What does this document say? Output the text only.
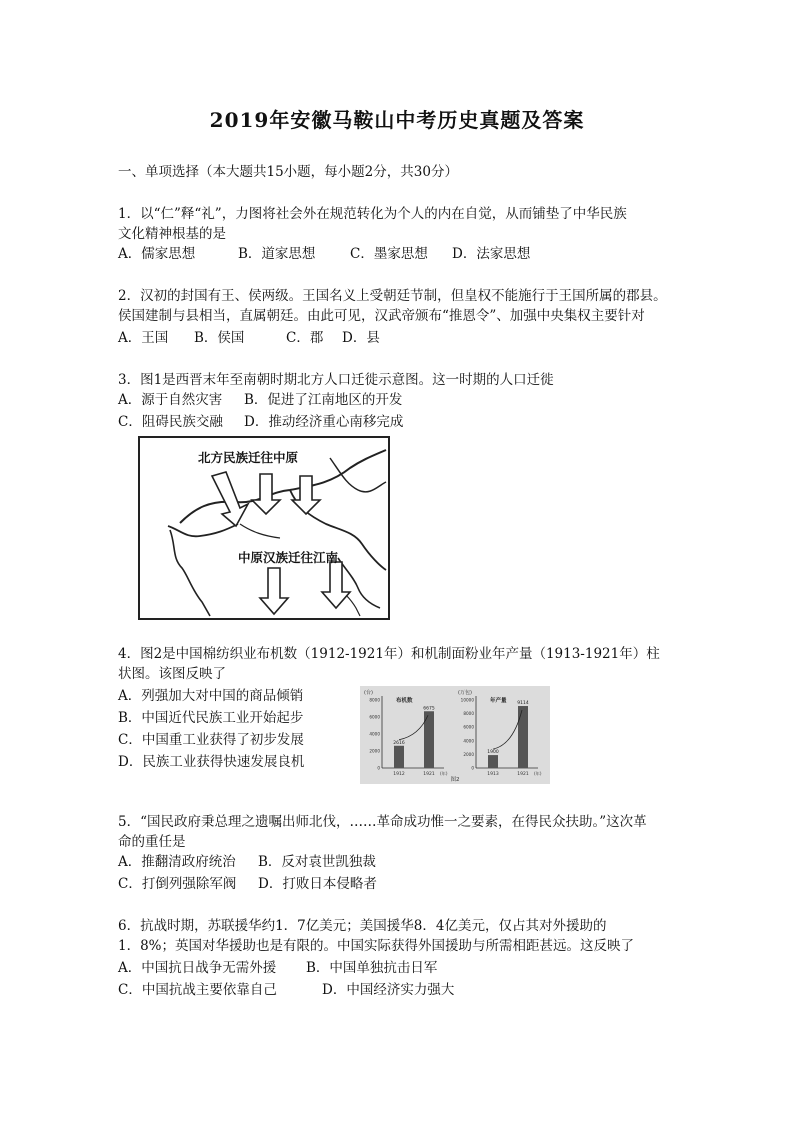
2019年安徽马鞍山中考历史真题及答案
一、单项选择（本大题共15小题，每小题2分，共30分）
1．以“仁”释“礼”，力图将社会外在规范转化为个人的内在自觉，从而铺垫了中华民族
文化精神根基的是
A．儒家思想	B．道家思想	C．墨家思想 D．法家思想
2．汉初的封国有王、侯两级。王国名义上受朝廷节制，但皇权不能施行于王国所属的郡县。
侯国建制与县相当，直属朝廷。由此可见，汉武帝颁布“推恩令”、加强中央集权主要针对
A．王国 B．侯国	C．郡 D．县
3．图1是西晋末年至南朝时期北方人口迁徙示意图。这一时期的人口迁徙
A．源于自然灾害 B．促进了江南地区的开发
C．阻碍民族交融 D．推动经济重心南移完成
北方民族迁往中原
中原汉族迁往江南
4．图2是中国棉纺织业布机数（1912-1921年）和机制面粉业年产量（1913-1921年）柱
状图。该图反映了
A．列强加大对中国的商品倾销
B．中国近代民族工业开始起步
C．中国重工业获得了初步发展
D．民族工业获得快速发展良机
(台)
布机数
8000
6000
4000
2000
0
2616
1912
6675
1921 (年)
(万包)
年产量
10000
8000
6000
4000
2000
0
1900
1913
9114
1921 (年)
图2
5．“国民政府秉总理之遗嘱出师北伐，……革命成功惟一之要素，在得民众扶助。”这次革
命的重任是
A．推翻清政府统治 B．反对袁世凯独裁
C．打倒列强除军阀 D．打败日本侵略者
6．抗战时期，苏联援华约1．7亿美元；美国援华8．4亿美元，仅占其对外援助的
1．8%；英国对华援助也是有限的。中国实际获得外国援助与所需相距甚远。这反映了
A．中国抗日战争无需外援 B．中国单独抗击日军
C．中国抗战主要依靠自己	D．中国经济实力强大
